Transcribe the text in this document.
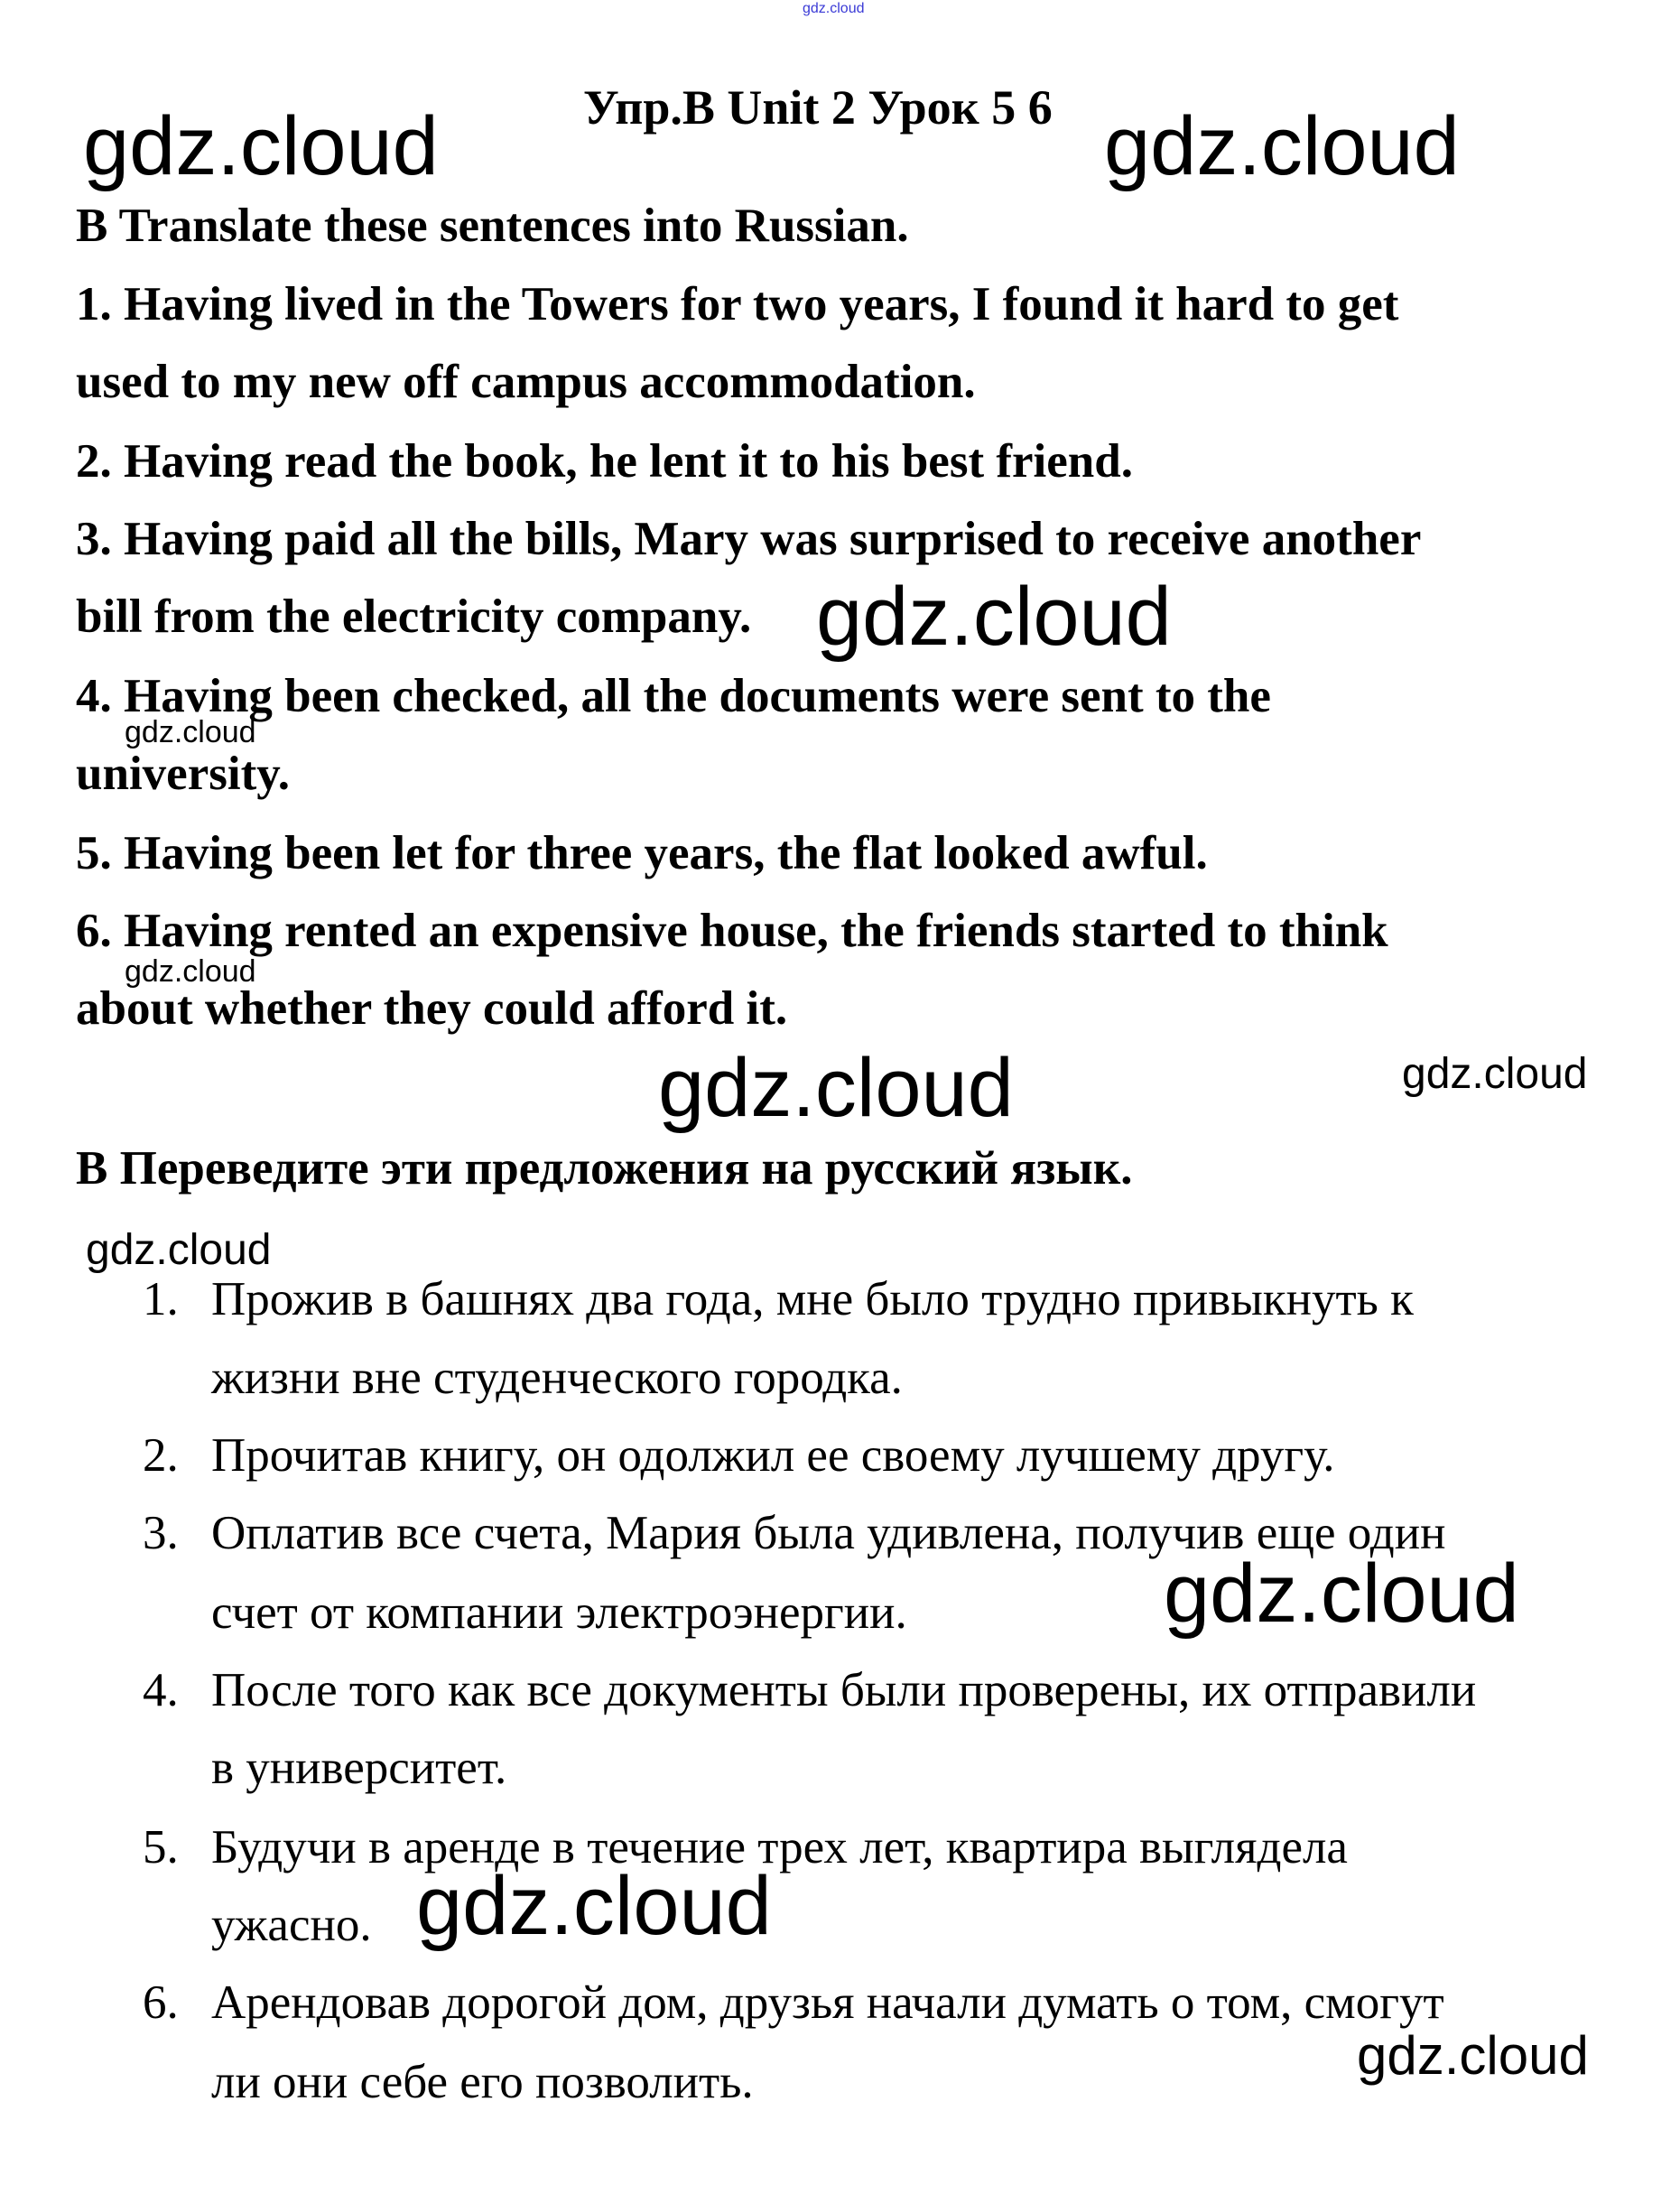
gdz.cloud
Упр.B Unit 2 Урок 5 6
B Translate these sentences into Russian.
1. Having lived in the Towers for two years, I found it hard to get
used to my new off campus accommodation.
2. Having read the book, he lent it to his best friend.
3. Having paid all the bills, Mary was surprised to receive another
bill from the electricity company.
4. Having been checked, all the documents were sent to the
university.
5. Having been let for three years, the flat looked awful.
6. Having rented an expensive house, the friends started to think
about whether they could afford it.
В Переведите эти предложения на русский язык.
1. Прожив в башнях два года, мне было трудно привыкнуть к
жизни вне студенческого городка.
2. Прочитав книгу, он одолжил ее своему лучшему другу.
3. Оплатив все счета, Мария была удивлена, получив еще один
счет от компании электроэнергии.
4. После того как все документы были проверены, их отправили
в университет.
5. Будучи в аренде в течение трех лет, квартира выглядела
ужасно.
6. Арендовав дорогой дом, друзья начали думать о том, смогут
ли они себе его позволить.
gdz.cloud	gdz.cloud
gdz.cloud
gdz.cloud
gdz.cloud
gdz.cloud	gdz.cloud
gdz.cloud
gdz.cloud
gdz.cloud
gdz.cloud
